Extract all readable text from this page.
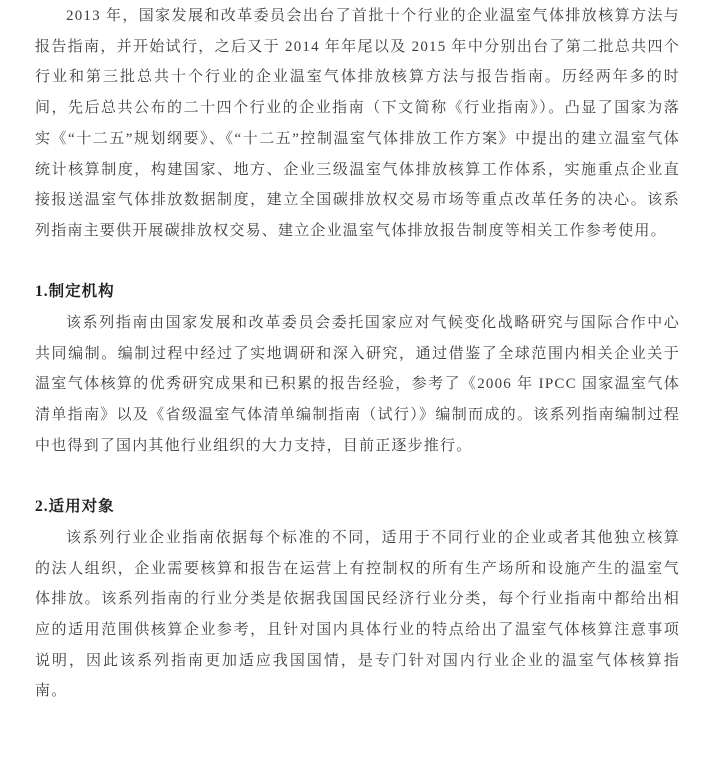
2013 年，国家发展和改革委员会出台了首批十个行业的企业温室气体排放核算方法与报告指南，并开始试行，之后又于 2014 年年尾以及 2015 年中分别出台了第二批总共四个行业和第三批总共十个行业的企业温室气体排放核算方法与报告指南。历经两年多的时间，先后总共公布的二十四个行业的企业指南（下文简称《行业指南》）。凸显了国家为落实《“十二五”规划纲要》、《“十二五”控制温室气体排放工作方案》中提出的建立温室气体统计核算制度，构建国家、地方、企业三级温室气体排放核算工作体系，实施重点企业直接报送温室气体排放数据制度，建立全国碳排放权交易市场等重点改革任务的决心。该系列指南主要供开展碳排放权交易、建立企业温室气体排放报告制度等相关工作参考使用。

1.制定机构

该系列指南由国家发展和改革委员会委托国家应对气候变化战略研究与国际合作中心共同编制。编制过程中经过了实地调研和深入研究，通过借鉴了全球范围内相关企业关于温室气体核算的优秀研究成果和已积累的报告经验，参考了《2006 年 IPCC 国家温室气体清单指南》以及《省级温室气体清单编制指南（试行）》编制而成的。该系列指南编制过程中也得到了国内其他行业组织的大力支持，目前正逐步推行。

2.适用对象

该系列行业企业指南依据每个标准的不同，适用于不同行业的企业或者其他独立核算的法人组织，企业需要核算和报告在运营上有控制权的所有生产场所和设施产生的温室气体排放。该系列指南的行业分类是依据我国国民经济行业分类，每个行业指南中都给出相应的适用范围供核算企业参考，且针对国内具体行业的特点给出了温室气体核算注意事项说明，因此该系列指南更加适应我国国情，是专门针对国内行业企业的温室气体核算指南。
